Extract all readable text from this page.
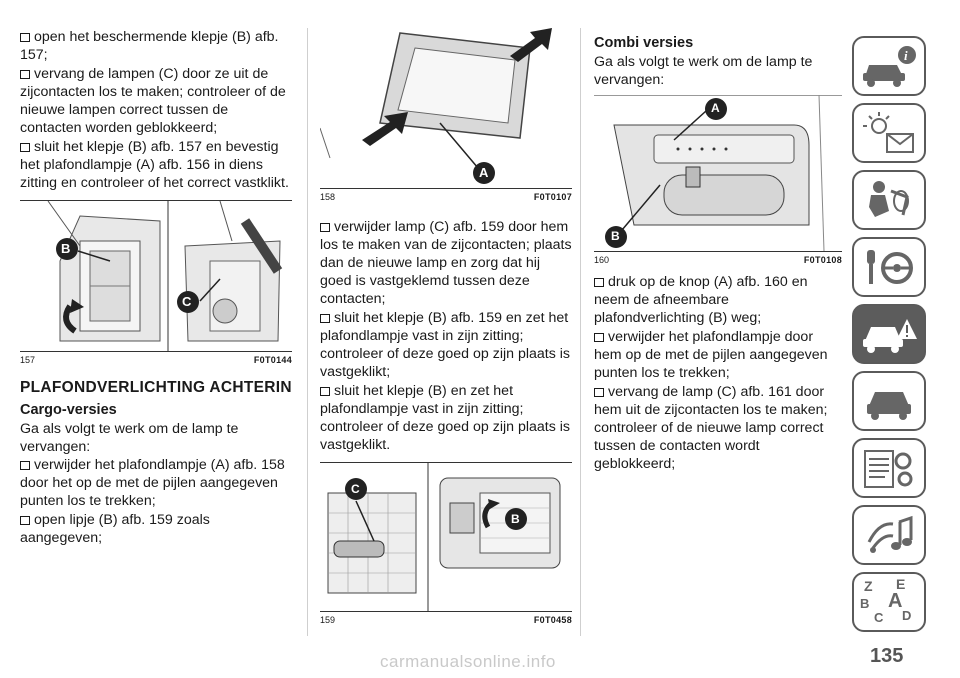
open het beschermende klepje (B) afb. 157;

vervang de lampen (C) door ze uit de zijcontacten los te maken; controleer of de nieuwe lampen correct tussen de contacten worden geblokkeerd;

sluit het klepje (B) afb. 157 en bevestig het plafondlampje (A) afb. 156 in diens zitting en controleer of het correct vastklikt.

B
C
157	F0T0144
PLAFONDVERLICHTING ACHTERIN
Cargo-versies

Ga als volgt te werk om de lamp te vervangen:

verwijder het plafondlampje (A) afb. 158 door het op de met de pijlen aangegeven punten los te trekken;

open lipje (B) afb. 159 zoals aangegeven;

A
158	F0T0107

verwijder lamp (C) afb. 159 door hem los te maken van de zijcontacten; plaats dan de nieuwe lamp en zorg dat hij goed is vastgeklemd tussen deze contacten;

sluit het klepje (B) afb. 159 en zet het plafondlampje vast in zijn zitting; controleer of deze goed op zijn plaats is vastgeklikt;

sluit het klepje (B) en zet het plafondlampje vast in zijn zitting; controleer of deze goed op zijn plaats is vastgeklikt.

C
B
159	F0T0458
Combi versies

Ga als volgt te werk om de lamp te vervangen:

A
B
160	F0T0108

druk op de knop (A) afb. 160 en neem de afneembare plafondverlichting (B) weg;

verwijder het plafondlampje door hem op de met de pijlen aangegeven punten los te trekken;

vervang de lamp (C) afb. 161 door hem uit de zijcontacten los te maken; controleer of de nieuwe lamp correct tussen de contacten wordt geblokkeerd;

i
Z E
B A
C D
135
carmanualsonline.info
